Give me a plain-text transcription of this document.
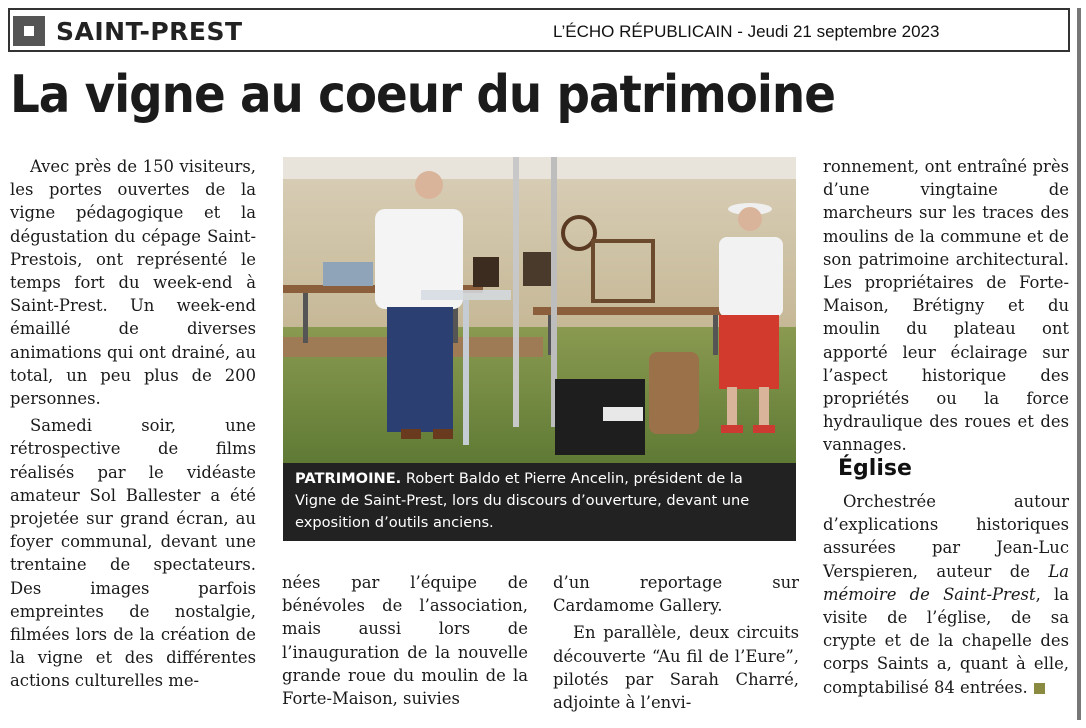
SAINT-PREST	L’ÉCHO RÉPUBLICAIN - Jeudi 21 septembre 2023
La vigne au coeur du patrimoine

Avec près de 150 visiteurs, les portes ouvertes de la vigne pédagogique et la dégustation du cépage Saint-Prestois, ont représenté le temps fort du week-end à Saint-Prest. Un week-end émaillé de diverses animations qui ont drainé, au total, un peu plus de 200 personnes.

Samedi soir, une rétrospective de films réalisés par le vidéaste amateur Sol Ballester a été projetée sur grand écran, au foyer communal, devant une trentaine de spectateurs. Des images parfois empreintes de nostalgie, filmées lors de la création de la vigne et des différentes actions culturelles me-

PATRIMOINE. Robert Baldo et Pierre Ancelin, président de la Vigne de Saint-Prest, lors du discours d’ouverture, devant une exposition d’outils anciens.

nées par l’équipe de bénévoles de l’association, mais aussi lors de l’inauguration de la nouvelle grande roue du moulin de la Forte-Maison, suivies

d’un reportage sur Cardamome Gallery.

En parallèle, deux circuits découverte “Au fil de l’Eure”, pilotés par Sarah Charré, adjointe à l’envi-

ronnement, ont entraîné près d’une vingtaine de marcheurs sur les traces des moulins de la commune et de son patrimoine architectural. Les propriétaires de Forte-Maison, Brétigny et du moulin du plateau ont apporté leur éclairage sur l’aspect historique des propriétés ou la force hydraulique des roues et des vannages.

Église

Orchestrée autour d’explications historiques assurées par Jean-Luc Verspieren, auteur de La mémoire de Saint-Prest, la visite de l’église, de sa crypte et de la chapelle des corps Saints a, quant à elle, comptabilisé 84 entrées.
